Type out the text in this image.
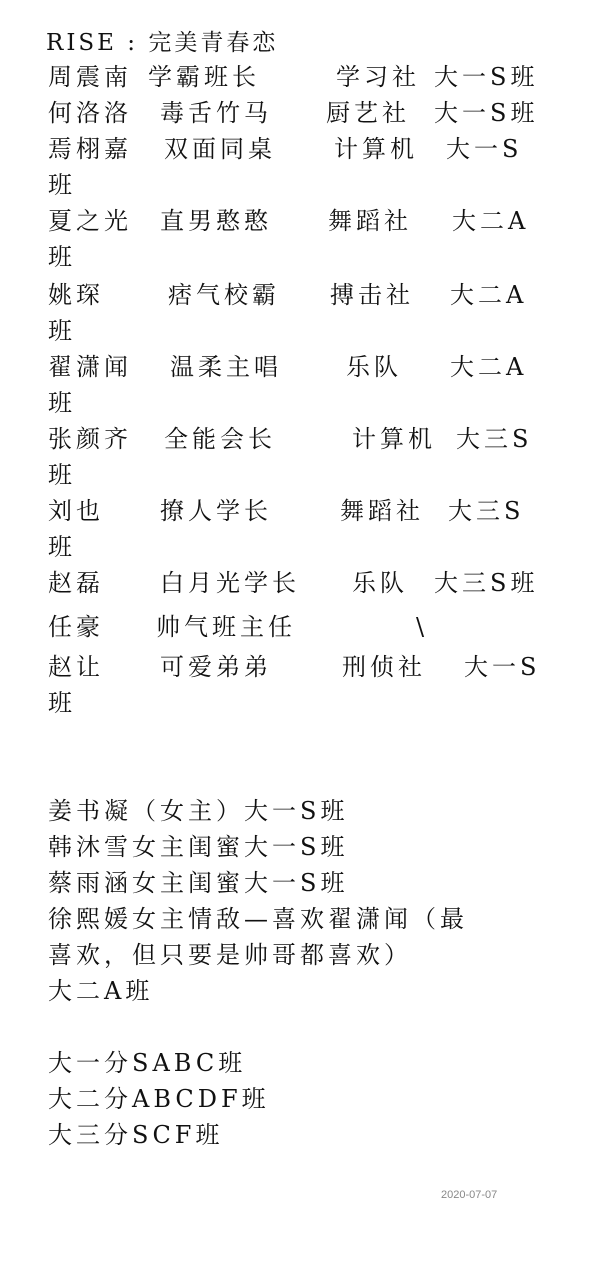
RISE : 完美青春恋
周震南 学霸班长	学习社 大一S班
何洛洛 毒舌竹马 厨艺社 大一S班
焉栩嘉 双面同桌 计算机 大一S
班
夏之光 直男憨憨 舞蹈社 大二A
班
姚琛	痞气校霸 搏击社 大二A
班
翟潇闻 温柔主唱	乐队 大二A
班
张颜齐 全能会长	计算机 大三S
班
刘也 撩人学长	舞蹈社 大三S
班
赵磊 白月光学长 乐队 大三S班
任豪 帅气班主任	\
赵让 可爱弟弟	刑侦社 大一S
班
姜书凝（女主）大一S班
韩沐雪女主闺蜜大一S班
蔡雨涵女主闺蜜大一S班
徐熙媛女主情敌—喜欢翟潇闻（最
喜欢，但只要是帅哥都喜欢）
大二A班
大一分SABC班
大二分ABCDF班
大三分SCF班
2020-07-07
